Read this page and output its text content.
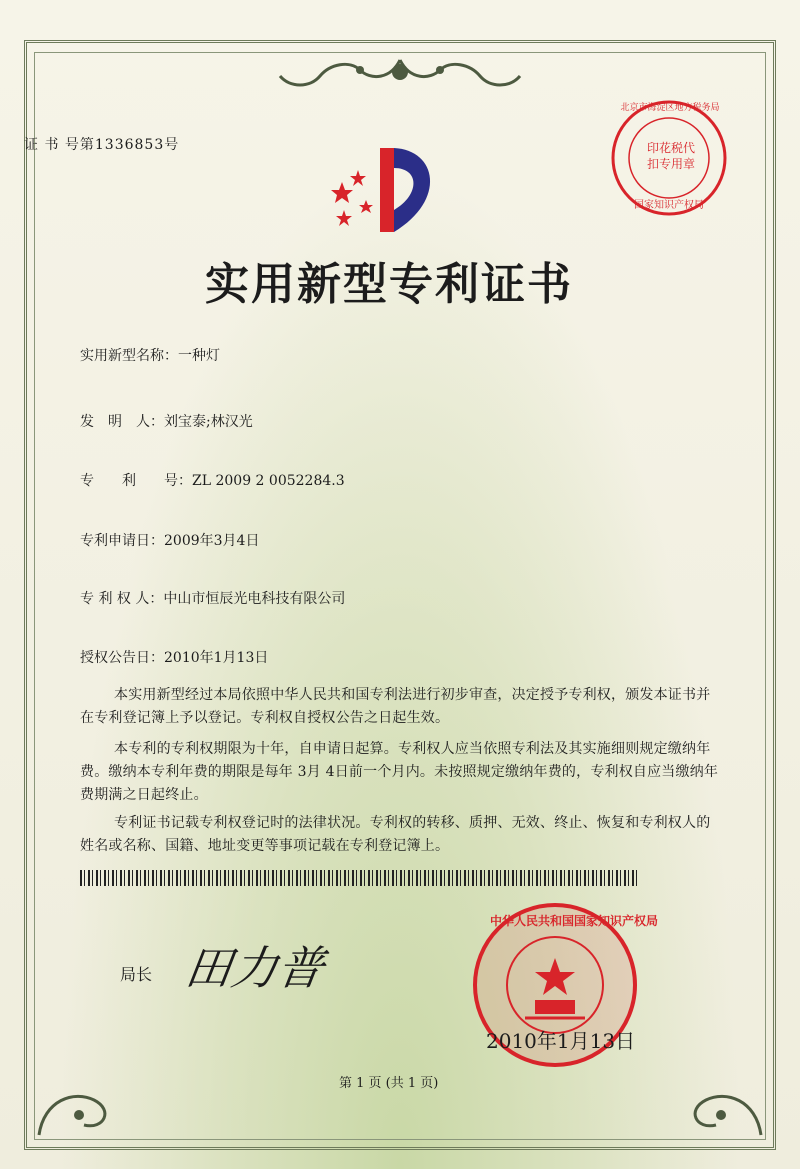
证 书 号第1336853号
实用新型专利证书
印花税代扣专用章
北京市海淀区地方税务局
国家知识产权局
实用新型名称：一种灯
发　明　人：刘宝泰;林汉光
专　　利　　号：ZL 2009 2 0052284.3
专利申请日：2009年3月4日
专 利 权 人：中山市恒辰光电科技有限公司
授权公告日：2010年1月13日
本实用新型经过本局依照中华人民共和国专利法进行初步审查，决定授予专利权，颁发本证书并在专利登记簿上予以登记。专利权自授权公告之日起生效。
本专利的专利权期限为十年，自申请日起算。专利权人应当依照专利法及其实施细则规定缴纳年费。缴纳本专利年费的期限是每年 3月 4日前一个月内。未按照规定缴纳年费的，专利权自应当缴纳年费期满之日起终止。
专利证书记载专利权登记时的法律状况。专利权的转移、质押、无效、终止、恢复和专利权人的姓名或名称、国籍、地址变更等事项记载在专利登记簿上。
局长 田力普
中华人民共和国国家知识产权局
2010年1月13日
第 1 页 (共 1 页)
